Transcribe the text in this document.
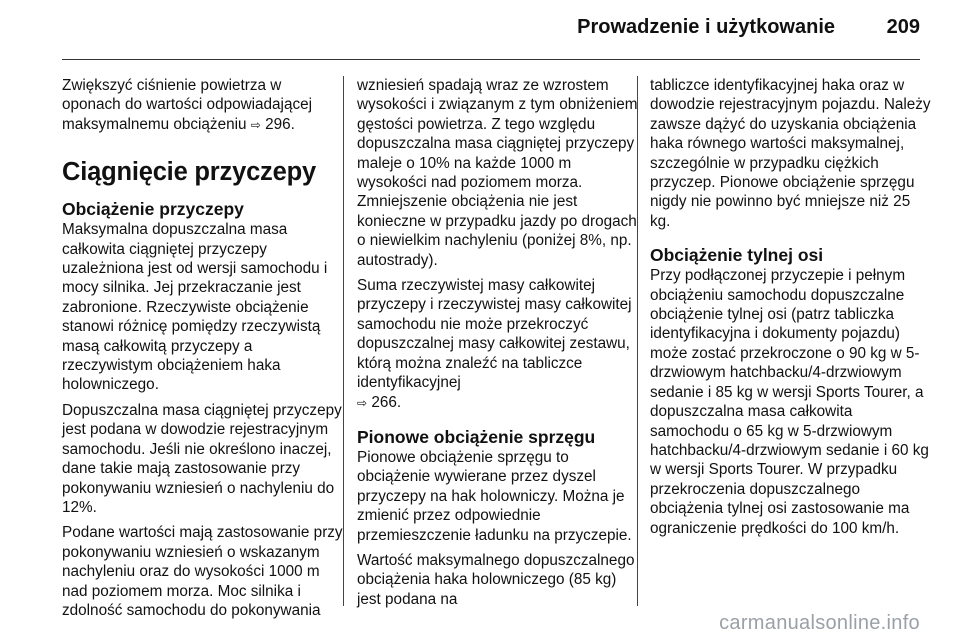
Prowadzenie i użytkowanie	209

Zwiększyć ciśnienie powietrza w oponach do wartości odpowiadającej maksymalnemu obciążeniu ⇨ 296.

Ciągnięcie przyczepy
Obciążenie przyczepy

Maksymalna dopuszczalna masa całkowita ciągniętej przyczepy uzależniona jest od wersji samochodu i mocy silnika. Jej przekraczanie jest zabronione. Rzeczywiste obciążenie stanowi różnicę pomiędzy rzeczywistą masą całkowitą przyczepy a rzeczywistym obciążeniem haka holowniczego.

Dopuszczalna masa ciągniętej przyczepy jest podana w dowodzie rejestracyjnym samochodu. Jeśli nie określono inaczej, dane takie mają zastosowanie przy pokonywaniu wzniesień o nachyleniu do 12%.

Podane wartości mają zastosowanie przy pokonywaniu wzniesień o wskazanym nachyleniu oraz do wysokości 1000 m nad poziomem morza. Moc silnika i zdolność samochodu do pokonywania

wzniesień spadają wraz ze wzrostem wysokości i związanym z tym obniżeniem gęstości powietrza. Z tego względu dopuszczalna masa ciągniętej przyczepy maleje o 10% na każde 1000 m wysokości nad poziomem morza. Zmniejszenie obciążenia nie jest konieczne w przypadku jazdy po drogach o niewielkim nachyleniu (poniżej 8%, np. autostrady).

Suma rzeczywistej masy całkowitej przyczepy i rzeczywistej masy całkowitej samochodu nie może przekroczyć dopuszczalnej masy całkowitej zestawu, którą można znaleźć na tabliczce identyfikacyjnej
⇨ 266.

Pionowe obciążenie sprzęgu

Pionowe obciążenie sprzęgu to obciążenie wywierane przez dyszel przyczepy na hak holowniczy. Można je zmienić przez odpowiednie przemieszczenie ładunku na przyczepie.

Wartość maksymalnego dopuszczalnego obciążenia haka holowniczego (85 kg) jest podana na

tabliczce identyfikacyjnej haka oraz w dowodzie rejestracyjnym pojazdu. Należy zawsze dążyć do uzyskania obciążenia haka równego wartości maksymalnej, szczególnie w przypadku ciężkich przyczep. Pionowe obciążenie sprzęgu nigdy nie powinno być mniejsze niż 25 kg.

Obciążenie tylnej osi

Przy podłączonej przyczepie i pełnym obciążeniu samochodu dopuszczalne obciążenie tylnej osi (patrz tabliczka identyfikacyjna i dokumenty pojazdu) może zostać przekroczone o 90 kg w 5-drzwiowym hatchbacku/4-drzwiowym sedanie i 85 kg w wersji Sports Tourer, a dopuszczalna masa całkowita samochodu o 65 kg w 5-drzwiowym hatchbacku/4-drzwiowym sedanie i 60 kg w wersji Sports Tourer. W przypadku przekroczenia dopuszczalnego obciążenia tylnej osi zastosowanie ma ograniczenie prędkości do 100 km/h.

carmanualsonline.info
